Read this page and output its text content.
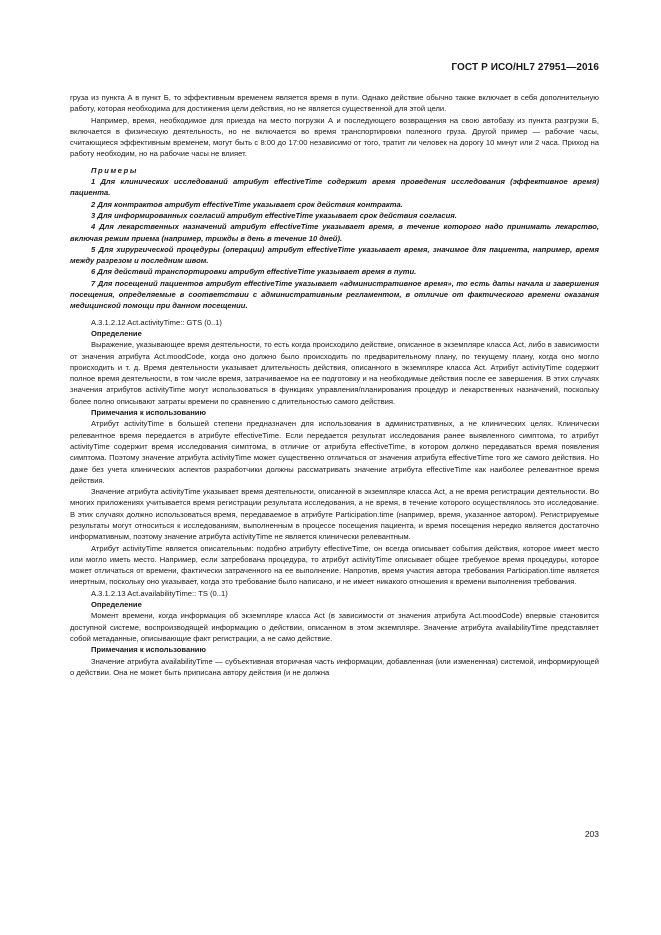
ГОСТ Р ИСО/HL7 27951—2016

груза из пункта А в пункт Б, то эффективным временем является время в пути. Однако действие обычно также включает в себя дополнительную работу, которая необходима для достижения цели действия, но не является существенной для этой цели.

Например, время, необходимое для приезда на место погрузки А и последующего возвращения на свою автобазу из пункта разгрузки Б, включается в физическую деятельность, но не включается во время транспортировки полезного груза. Другой пример — рабочие часы, считающиеся эффективным временем, могут быть с 8:00 до 17:00 независимо от того, тратит ли человек на дорогу 10 минут или 2 часа. Приход на работу необходим, но на рабочие часы не влияет.

Примеры

1 Для клинических исследований атрибут effectiveTime содержит время проведения исследования (эффективное время) пациента.

2 Для контрактов атрибут effectiveTime указывает срок действия контракта.

3 Для информированных согласий атрибут effectiveTime указывает срок действия согласия.

4 Для лекарственных назначений атрибут effectiveTime указывает время, в течение которого надо принимать лекарство, включая режим приема (например, трижды в день в течение 10 дней).

5 Для хирургической процедуры (операции) атрибут effectiveTime указывает время, значимое для пациента, например, время между разрезом и последним швом.

6 Для действий транспортировки атрибут effectiveTime указывает время в пути.

7 Для посещений пациентов атрибут effectiveTime указывает «административное время», то есть даты начала и завершения посещения, определяемые в соответствии с административным регламентом, в отличие от фактического времени оказания медицинской помощи при данном посещении.

A.3.1.2.12 Act.activityTime:: GTS (0..1)

Определение

Выражение, указывающее время деятельности, то есть когда происходило действие, описанное в экземпляре класса Act, либо в зависимости от значения атрибута Act.moodCode, когда оно должно было происходить по предварительному плану, по текущему плану, когда оно могло происходить и т. д. Время деятельности указывает длительность действия, описанного в экземпляре класса Act. Атрибут activityTime содержит полное время деятельности, в том числе время, затрачиваемое на ее подготовку и на необходимые действия после ее завершения. В этих случаях значения атрибутов activityTime могут использоваться в функциях управления/планирования процедур и лекарственных назначений, поскольку более полно описывают затраты времени по сравнению с длительностью самого действия.

Примечания к использованию

Атрибут activityTime в большей степени предназначен для использования в административных, а не клинических целях. Клинически релевантное время передается в атрибуте effectiveTime. Если передается результат исследования ранее выявленного симптома, то атрибут activityTime содержит время исследования симптома, в отличие от атрибута effectiveTime, в котором должно передаваться время появления симптома. Поэтому значение атрибута activityTime может существенно отличаться от значения атрибута effectiveTime того же самого действия. Но даже без учета клинических аспектов разработчики должны рассматривать значение атрибута effectiveTime как наиболее релевантное время действия.

Значение атрибута activityTime указывает время деятельности, описанной в экземпляре класса Act, а не время регистрации деятельности. Во многих приложениях учитывается время регистрации результата исследования, а не время, в течение которого осуществлялось это исследование. В этих случаях должно использоваться время, передаваемое в атрибуте Participation.time (например, время, указанное автором). Регистрируемые результаты могут относиться к исследованиям, выполненным в процессе посещения пациента, и время посещения нередко является достаточно информативным, поэтому значение атрибута activityTime не является клинически релевантным.

Атрибут activityTime является описательным: подобно атрибуту effectiveTime, он всегда описывает события действия, которое имеет место или могло иметь место. Например, если затребована процедура, то атрибут activityTime описывает общее требуемое время процедуры, которое может отличаться от времени, фактически затраченного на ее выполнение. Напротив, время участия автора требования Participation.time является инертным, поскольку оно указывает, когда это требование было написано, и не имеет никакого отношения к времени выполнения требования.

A.3.1.2.13 Act.availabilityTime:: TS (0..1)

Определение

Момент времени, когда информация об экземпляре класса Act (в зависимости от значения атрибута Act.moodCode) впервые становится доступной системе, воспроизводящей информацию о действии, описанном в этом экземпляре. Значение атрибута availabilityTime представляет собой метаданные, описывающие факт регистрации, а не само действие.

Примечания к использованию

Значение атрибута availabilityTime — субъективная вторичная часть информации, добавленная (или измененная) системой, информирующей о действии. Она не может быть приписана автору действия (и не должна

203
